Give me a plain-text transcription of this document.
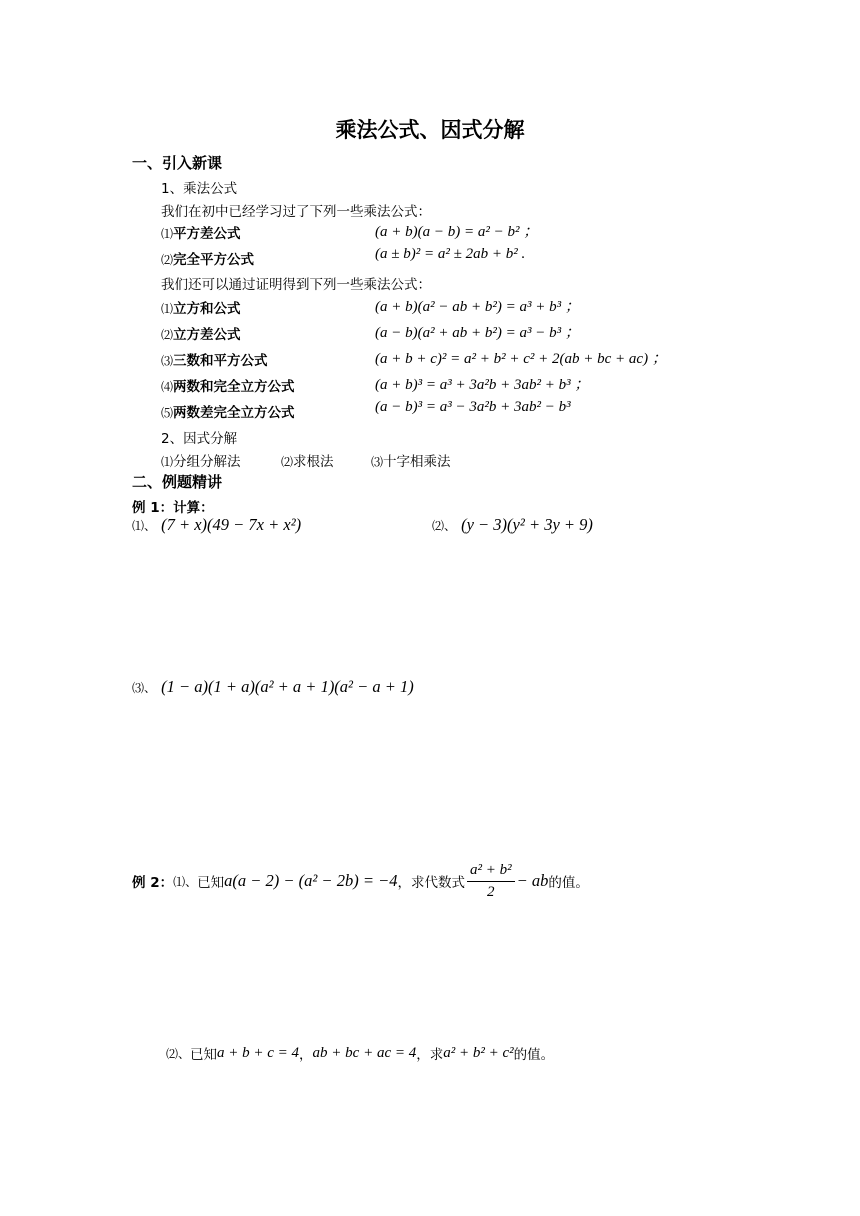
乘法公式、因式分解
一、引入新课
1、乘法公式
我们在初中已经学习过了下列一些乘法公式：
⑴平方差公式	(a + b)(a − b) = a² − b² ；
⑵完全平方公式	(a ± b)² = a² ± 2ab + b² .
我们还可以通过证明得到下列一些乘法公式：
⑴立方和公式	(a + b)(a² − ab + b²) = a³ + b³ ；
⑵立方差公式	(a − b)(a² + ab + b²) = a³ − b³ ；
⑶三数和平方公式	(a + b + c)² = a² + b² + c² + 2(ab + bc + ac) ；
⑷两数和完全立方公式	(a + b)³ = a³ + 3a²b + 3ab² + b³ ；
⑸两数差完全立方公式	(a − b)³ = a³ − 3a²b + 3ab² − b³
2、因式分解
⑴分组分解法	⑵求根法	⑶十字相乘法
二、例题精讲
例 1：计算：
⑴、 (7 + x)(49 − 7x + x²)	⑵、 (y − 3)(y² + 3y + 9)
⑶、 (1 − a)(1 + a)(a² + a + 1)(a² − a + 1)
例 2： ⑴、 已知 a(a − 2) − (a² − 2b) = −4 ，求代数式 $\frac{\text{a² + b²}}{2}$ − ab 的值。
⑵、 已知 a + b + c = 4 ， ab + bc + ac = 4 ，求 a² + b² + c² 的值。
